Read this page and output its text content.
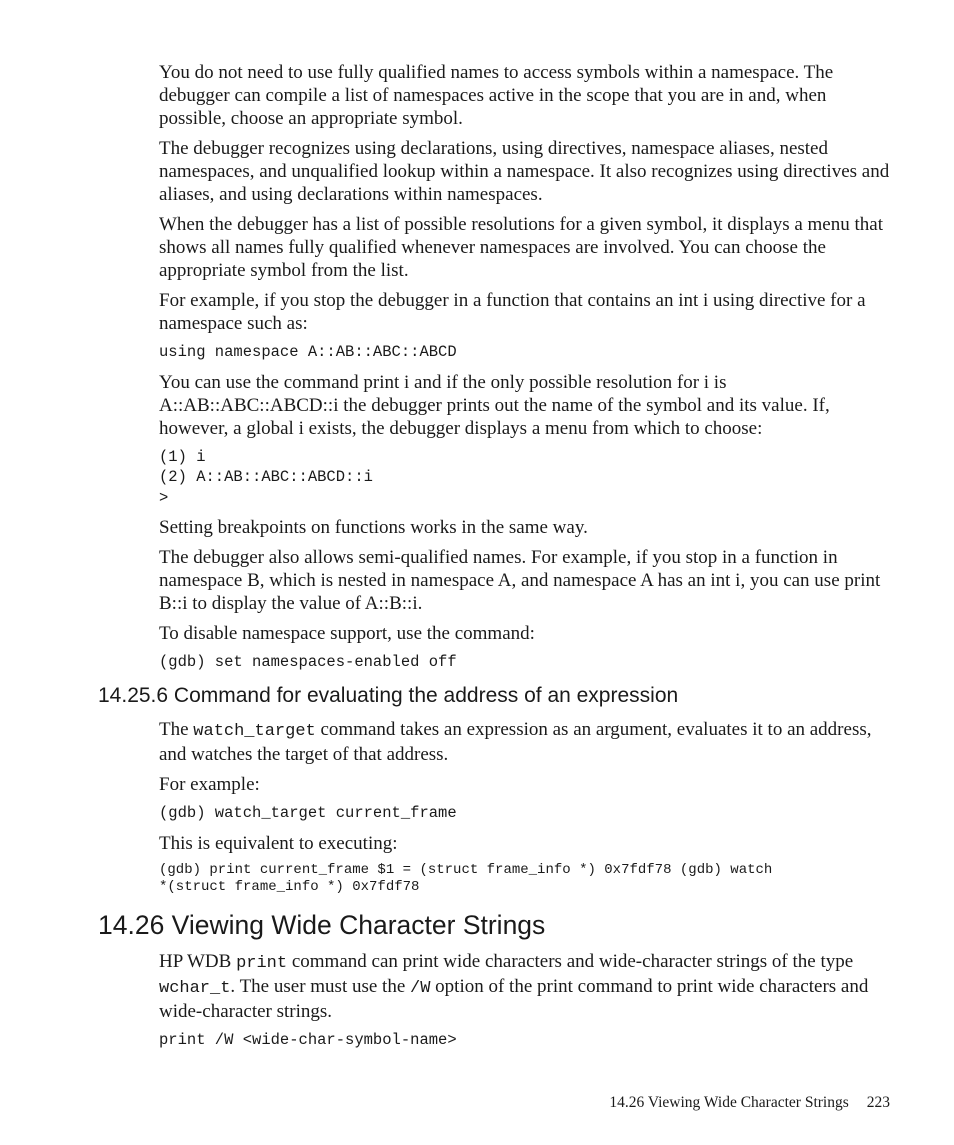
You do not need to use fully qualified names to access symbols within a namespace. The debugger can compile a list of namespaces active in the scope that you are in and, when possible, choose an appropriate symbol.

The debugger recognizes using declarations, using directives, namespace aliases, nested namespaces, and unqualified lookup within a namespace. It also recognizes using directives and aliases, and using declarations within namespaces.

When the debugger has a list of possible resolutions for a given symbol, it displays a menu that shows all names fully qualified whenever namespaces are involved. You can choose the appropriate symbol from the list.

For example, if you stop the debugger in a function that contains an int i using directive for a namespace such as:

using namespace A::AB::ABC::ABCD

You can use the command print i and if the only possible resolution for i is A::AB::ABC::ABCD::i the debugger prints out the name of the symbol and its value. If, however, a global i exists, the debugger displays a menu from which to choose:

(1) i
(2) A::AB::ABC::ABCD::i
>

Setting breakpoints on functions works in the same way.

The debugger also allows semi-qualified names. For example, if you stop in a function in namespace B, which is nested in namespace A, and namespace A has an int i, you can use print B::i to display the value of A::B::i.

To disable namespace support, use the command:

(gdb) set namespaces-enabled off
14.25.6 Command for evaluating the address of an expression

The watch_target command takes an expression as an argument, evaluates it to an address, and watches the target of that address.

For example:

(gdb) watch_target current_frame

This is equivalent to executing:

(gdb) print current_frame $1 = (struct frame_info *) 0x7fdf78 (gdb) watch
*(struct frame_info *) 0x7fdf78
14.26 Viewing Wide Character Strings

HP WDB print command can print wide characters and wide-character strings of the type wchar_t. The user must use the /W option of the print command to print wide characters and wide-character strings.

print /W <wide-char-symbol-name>
14.26 Viewing Wide Character Strings 223
